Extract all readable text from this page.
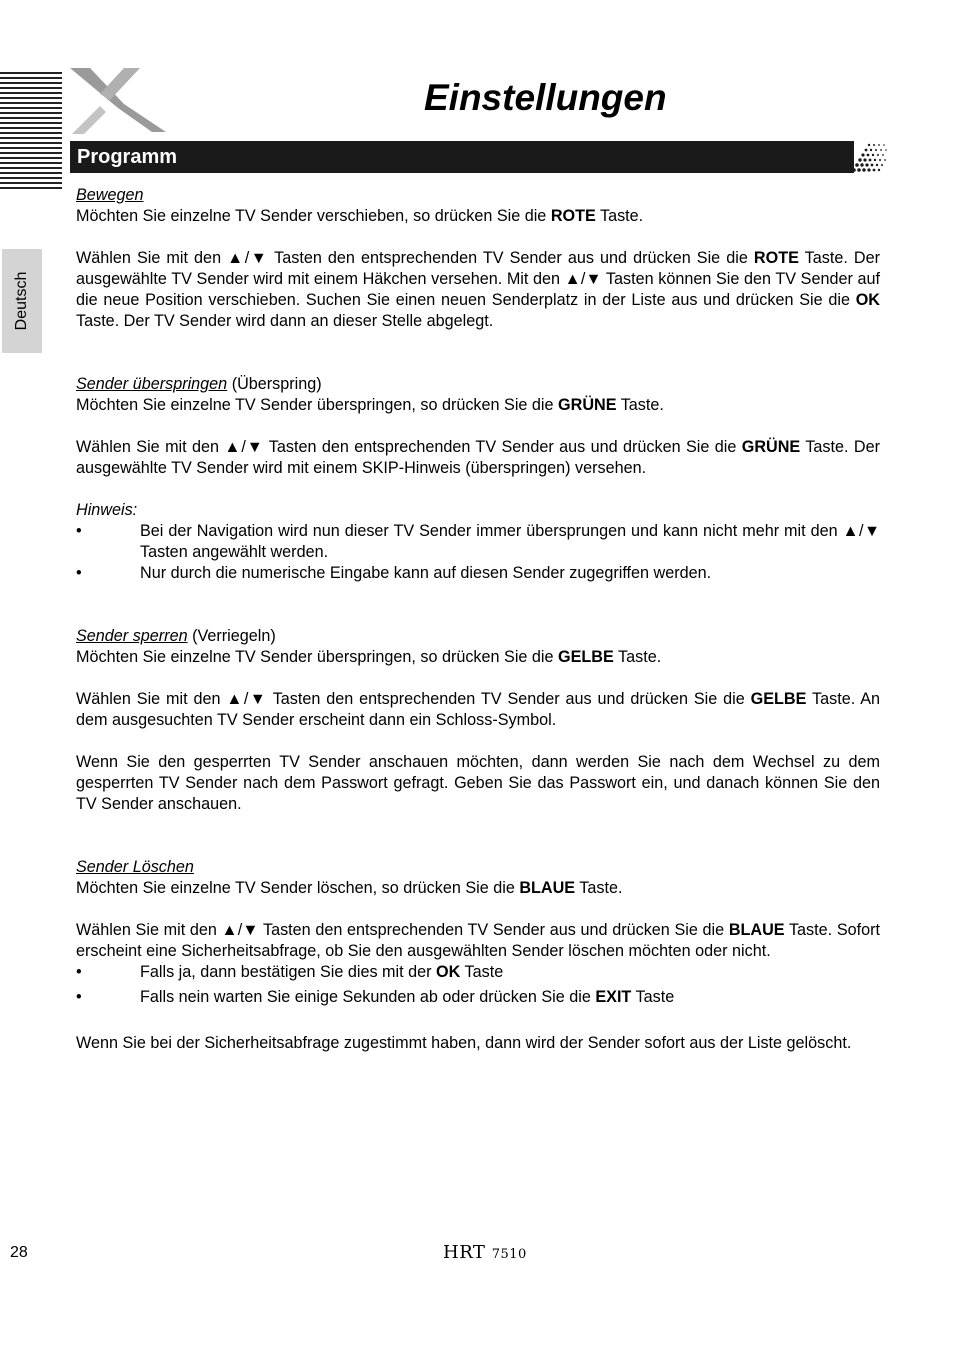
Einstellungen
Programm
Deutsch

Bewegen

Möchten Sie einzelne TV Sender verschieben, so drücken Sie die ROTE Taste.

Wählen Sie mit den ▲/▼ Tasten den entsprechenden TV Sender aus und drücken Sie die ROTE Taste. Der ausgewählte TV Sender wird mit einem Häkchen versehen. Mit den ▲/▼ Tasten können Sie den TV Sender auf die neue Position verschieben. Suchen Sie einen neuen Senderplatz in der Liste aus und drücken Sie die OK Taste. Der TV Sender wird dann an dieser Stelle abgelegt.

Sender überspringen (Überspring)

Möchten Sie einzelne TV Sender überspringen, so drücken Sie die GRÜNE Taste.

Wählen Sie mit den ▲/▼ Tasten den entsprechenden TV Sender aus und drücken Sie die GRÜNE Taste. Der ausgewählte TV Sender wird mit einem SKIP-Hinweis (überspringen) versehen.

Hinweis:

• Bei der Navigation wird nun dieser TV Sender immer übersprungen und kann nicht mehr mit den ▲/▼ Tasten angewählt werden.
• Nur durch die numerische Eingabe kann auf diesen Sender zugegriffen werden.

Sender sperren (Verriegeln)

Möchten Sie einzelne TV Sender überspringen, so drücken Sie die GELBE Taste.

Wählen Sie mit den ▲/▼ Tasten den entsprechenden TV Sender aus und drücken Sie die GELBE Taste. An dem ausgesuchten TV Sender erscheint dann ein Schloss-Symbol.

Wenn Sie den gesperrten TV Sender anschauen möchten, dann werden Sie nach dem Wechsel zu dem gesperrten TV Sender nach dem Passwort gefragt. Geben Sie das Passwort ein, und danach können Sie den TV Sender anschauen.

Sender Löschen

Möchten Sie einzelne TV Sender löschen, so drücken Sie die BLAUE Taste.

Wählen Sie mit den ▲/▼ Tasten den entsprechenden TV Sender aus und drücken Sie die BLAUE Taste. Sofort erscheint eine Sicherheitsabfrage, ob Sie den ausgewählten Sender löschen möchten oder nicht.

• Falls ja, dann bestätigen Sie dies mit der OK Taste
• Falls nein warten Sie einige Sekunden ab oder drücken Sie die EXIT Taste

Wenn Sie bei der Sicherheitsabfrage zugestimmt haben, dann wird der Sender sofort aus der Liste gelöscht.

28	HRT 7510
